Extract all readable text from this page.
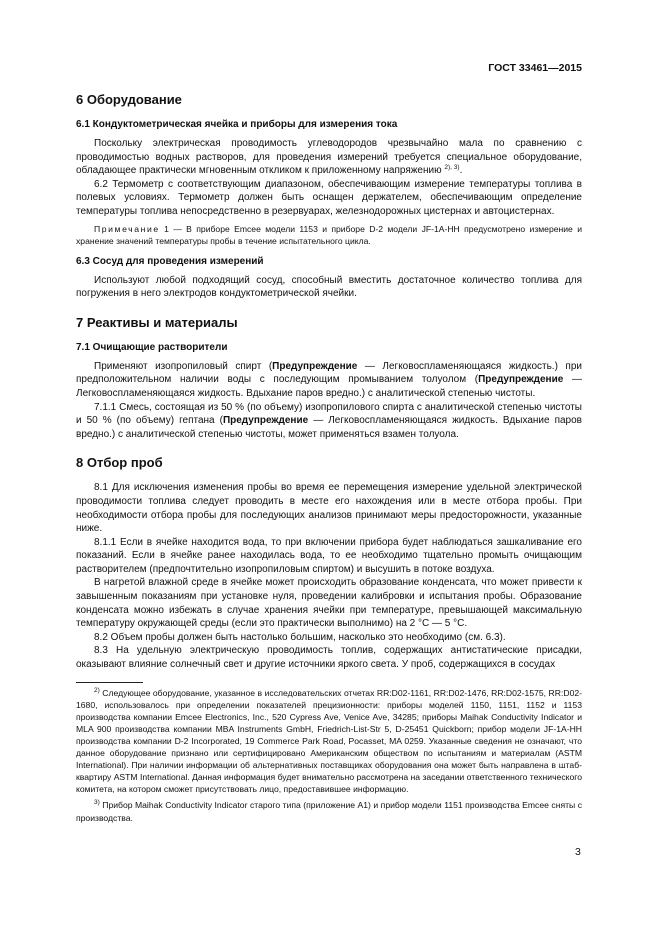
ГОСТ 33461—2015
6 Оборудование
6.1 Кондуктометрическая ячейка и приборы для измерения тока

Поскольку электрическая проводимость углеводородов чрезвычайно мала по сравнению с проводимостью водных растворов, для проведения измерений требуется специальное оборудование, обладающее практически мгновенным откликом к приложенному напряжению $^{2), 3)}$.

6.2 Термометр с соответствующим диапазоном, обеспечивающим измерение температуры топлива в полевых условиях. Термометр должен быть оснащен держателем, обеспечивающим определение температуры топлива непосредственно в резервуарах, железнодорожных цистернах и автоцистернах.

Примечание 1 — В приборе Emcee модели 1153 и приборе D-2 модели JF-1A-HH предусмотрено измерение и хранение значений температуры пробы в течение испытательного цикла.

6.3 Сосуд для проведения измерений

Используют любой подходящий сосуд, способный вместить достаточное количество топлива для погружения в него электродов кондуктометрической ячейки.

7 Реактивы и материалы
7.1 Очищающие растворители

Применяют изопропиловый спирт (Предупреждение — Легковоспламеняющаяся жидкость.) при предположительном наличии воды с последующим промыванием толуолом (Предупреждение — Легковоспламеняющаяся жидкость. Вдыхание паров вредно.) с аналитической степенью чистоты.

7.1.1 Смесь, состоящая из 50 % (по объему) изопропилового спирта с аналитической степенью чистоты и 50 % (по объему) гептана (Предупреждение — Легковоспламеняющаяся жидкость. Вдыхание паров вредно.) с аналитической степенью чистоты, может применяться взамен толуола.

8 Отбор проб

8.1 Для исключения изменения пробы во время ее перемещения измерение удельной электрической проводимости топлива следует проводить в месте его нахождения или в месте отбора пробы. При необходимости отбора пробы для последующих анализов принимают меры предосторожности, указанные ниже.

8.1.1 Если в ячейке находится вода, то при включении прибора будет наблюдаться зашкаливание его показаний. Если в ячейке ранее находилась вода, то ее необходимо тщательно промыть очищающим растворителем (предпочтительно изопропиловым спиртом) и высушить в потоке воздуха.

В нагретой влажной среде в ячейке может происходить образование конденсата, что может привести к завышенным показаниям при установке нуля, проведении калибровки и испытания пробы. Образование конденсата можно избежать в случае хранения ячейки при температуре, превышающей максимальную температуру окружающей среды (если это практически выполнимо) на 2 °C — 5 °C.

8.2 Объем пробы должен быть настолько большим, насколько это необходимо (см. 6.3).

8.3 На удельную электрическую проводимость топлив, содержащих антистатические присадки, оказывают влияние солнечный свет и другие источники яркого света. У проб, содержащихся в сосудах

$^{2)}$ Следующее оборудование, указанное в исследовательских отчетах RR:D02-1161, RR:D02-1476, RR:D02-1575, RR:D02-1680, использовалось при определении показателей прецизионности: приборы моделей 1150, 1151, 1152 и 1153 производства компании Emcee Electronics, Inc., 520 Cypress Ave, Venice Ave, 34285; приборы Maihak Conductivity Indicator и MLA 900 производства компании MBA Instruments GmbH, Friedrich-List-Str 5, D-25451 Quickborn; прибор модели JF-1A-HH производства компании D-2 Incorporated, 19 Commerce Park Road, Pocasset, MA 0259. Указанные сведения не означают, что данное оборудование признано или сертифицировано Американским обществом по испытаниям и материалам (ASTM International). При наличии информации об альтернативных поставщиках оборудования она может быть направлена в штаб-квартиру ASTM International. Данная информация будет внимательно рассмотрена на заседании ответственного технического комитета, на котором сможет присутствовать лицо, предоставившее информацию.

$^{3)}$ Прибор Maihak Conductivity Indicator старого типа (приложение А1) и прибор модели 1151 производства Emcee сняты с производства.

3
